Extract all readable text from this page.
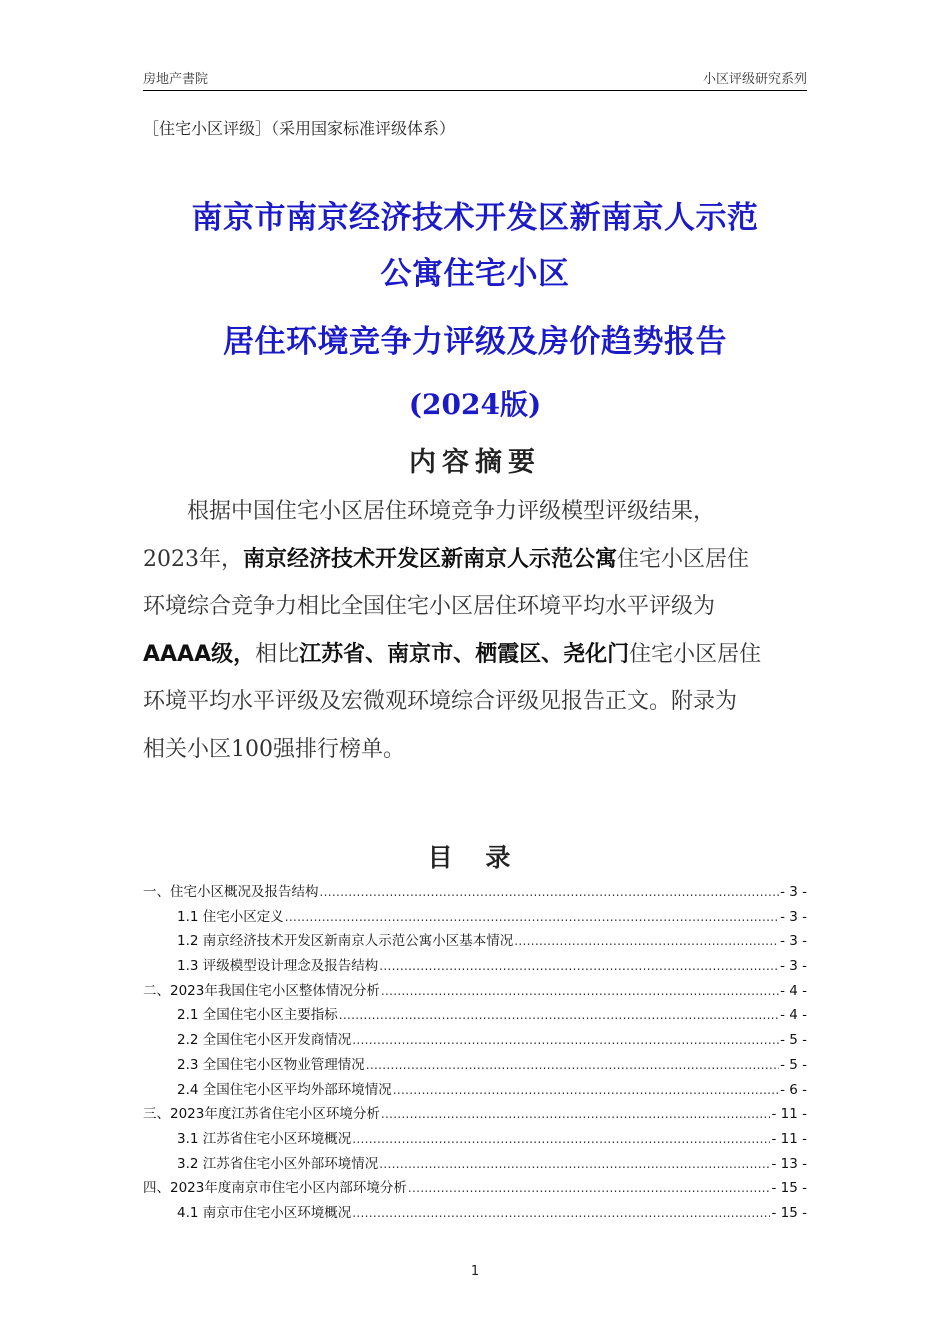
房地产書院	小区评级研究系列
［住宅小区评级］（采用国家标准评级体系）
南京市南京经济技术开发区新南京人示范
公寓住宅小区
居住环境竞争力评级及房价趋势报告
(2024版)
内容摘要
根据中国住宅小区居住环境竞争力评级模型评级结果，
2023年，南京经济技术开发区新南京人示范公寓住宅小区居住
环境综合竞争力相比全国住宅小区居住环境平均水平评级为
AAAA级，相比江苏省、南京市、栖霞区、尧化门住宅小区居住
环境平均水平评级及宏微观环境综合评级见报告正文。附录为
相关小区100强排行榜单。
目 录
一、住宅小区概况及报告结构 .....	- 3 -
1.1 住宅小区定义 .....	- 3 -
1.2 南京经济技术开发区新南京人示范公寓小区基本情况 .....	- 3 -
1.3 评级模型设计理念及报告结构 .....	- 3 -
二、2023年我国住宅小区整体情况分析 .....	- 4 -
2.1 全国住宅小区主要指标 .....	- 4 -
2.2 全国住宅小区开发商情况 .....	- 5 -
2.3 全国住宅小区物业管理情况 .....	- 5 -
2.4 全国住宅小区平均外部环境情况 .....	- 6 -
三、2023年度江苏省住宅小区环境分析 .....	- 11 -
3.1 江苏省住宅小区环境概况 .....	- 11 -
3.2 江苏省住宅小区外部环境情况 .....	- 13 -
四、2023年度南京市住宅小区内部环境分析 .....	- 15 -
4.1 南京市住宅小区环境概况 .....	- 15 -
1
